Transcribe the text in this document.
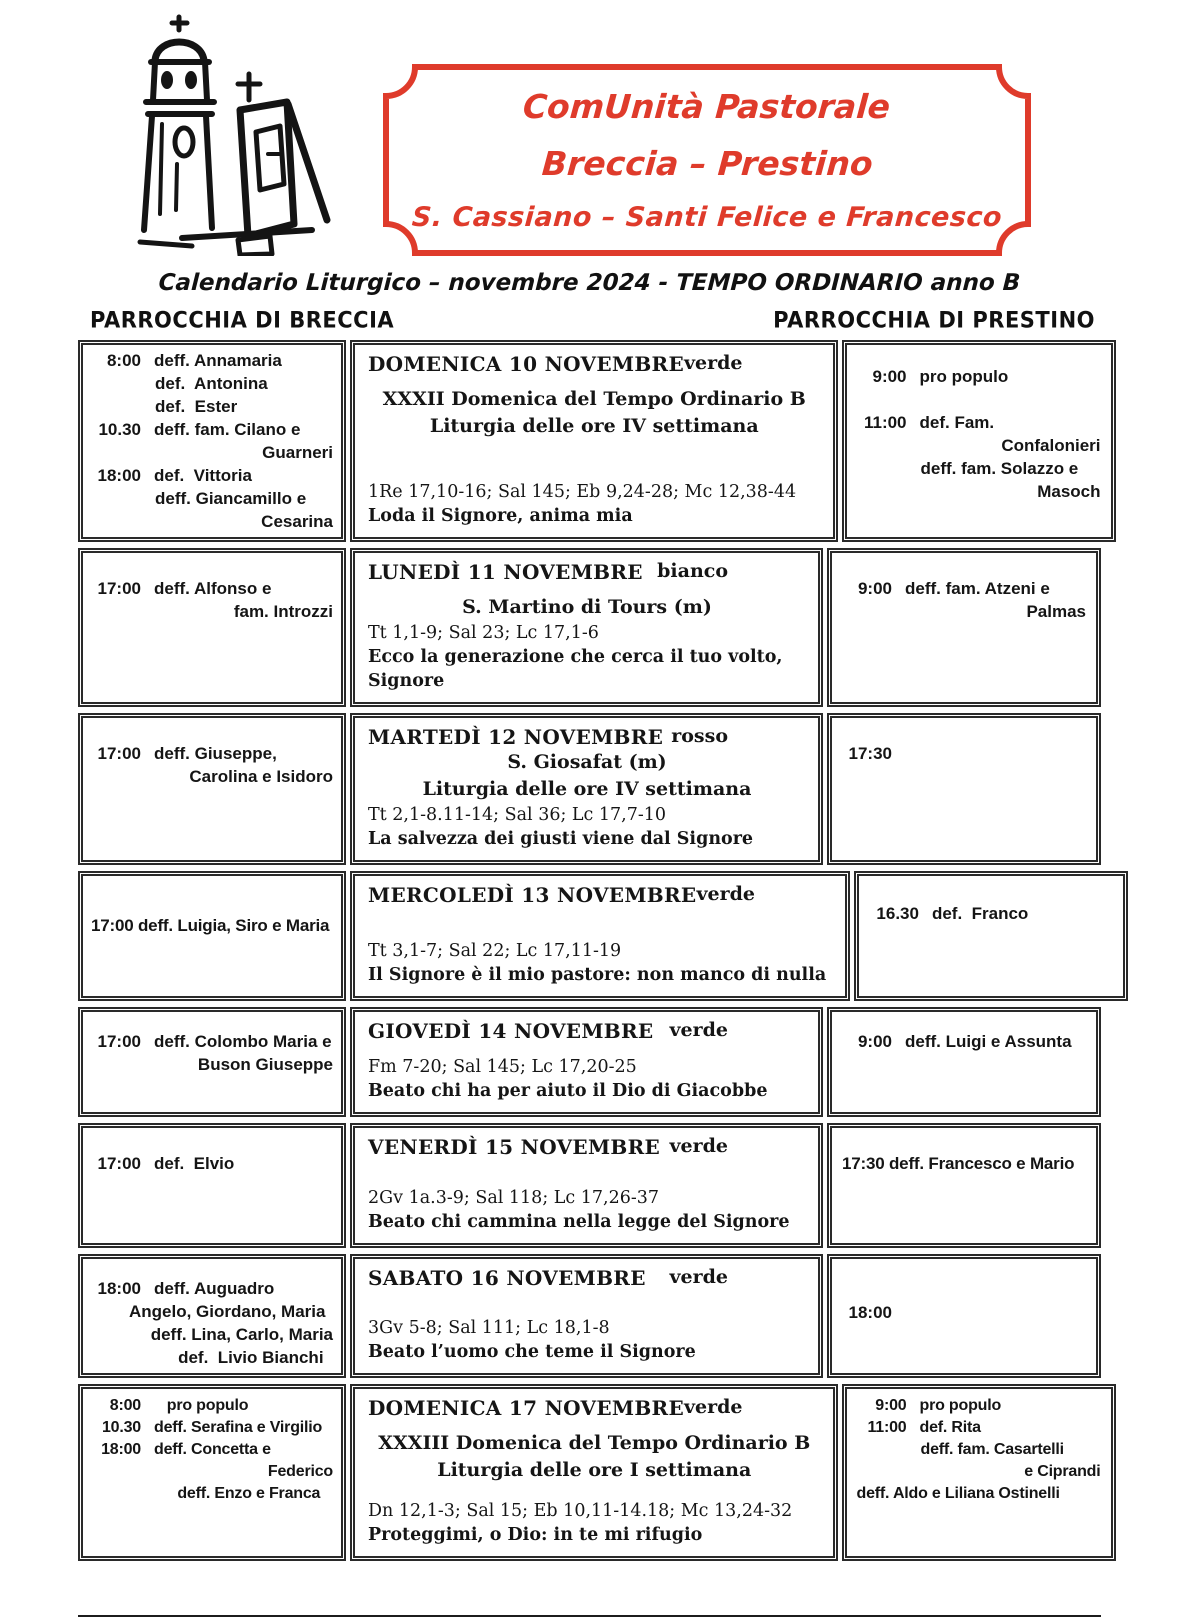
ComUnità Pastorale
Breccia – Prestino
S. Cassiano – Santi Felice e Francesco
Calendario Liturgico – novembre 2024 - TEMPO ORDINARIO anno B
PARROCCHIA DI BRECCIA	PARROCCHIA DI PRESTINO
8:00 deff. Annamaria
def.  Antonina
def.  Ester
10.30 deff. fam. Cilano e
Guarneri
18:00 def.  Vittoria
deff. Giancamillo e
Cesarina
DOMENICA 10 NOVEMBRE verde
XXXII Domenica del Tempo Ordinario B
Liturgia delle ore IV settimana
1Re 17,10-16; Sal 145; Eb 9,24-28; Mc 12,38-44
Loda il Signore, anima mia
9:00 pro populo
11:00 def. Fam.
Confalonieri
deff. fam. Solazzo e
Masoch
17:00 deff. Alfonso e
fam. Introzzi
LUNEDÌ 11 NOVEMBRE bianco
S. Martino di Tours (m)
Tt 1,1-9; Sal 23; Lc 17,1-6
Ecco la generazione che cerca il tuo volto, Signore
9:00 deff. fam. Atzeni e
Palmas
17:00 deff. Giuseppe,
Carolina e Isidoro
MARTEDÌ 12 NOVEMBRE rosso
S. Giosafat (m)
Liturgia delle ore IV settimana
Tt 2,1-8.11-14; Sal 36; Lc 17,7-10
La salvezza dei giusti viene dal Signore
17:30
17:00 deff. Luigia, Siro e Maria
MERCOLEDÌ 13 NOVEMBRE verde
Tt 3,1-7; Sal 22; Lc 17,11-19
Il Signore è il mio pastore: non manco di nulla
16.30 def.  Franco
17:00 deff. Colombo Maria e
Buson Giuseppe
GIOVEDÌ 14 NOVEMBRE verde
Fm 7-20; Sal 145; Lc 17,20-25
Beato chi ha per aiuto il Dio di Giacobbe
9:00 deff. Luigi e Assunta
17:00 def.  Elvio
VENERDÌ 15 NOVEMBRE verde
2Gv 1a.3-9; Sal 118; Lc 17,26-37
Beato chi cammina nella legge del Signore
17:30 deff. Francesco e Mario
18:00 deff. Auguadro
Angelo, Giordano, Maria
deff. Lina, Carlo, Maria
def.  Livio Bianchi
SABATO 16 NOVEMBRE verde
3Gv 5-8; Sal 111; Lc 18,1-8
Beato l’uomo che teme il Signore
18:00
8:00 pro populo
10.30 deff. Serafina e Virgilio
18:00 deff. Concetta e
Federico
deff. Enzo e Franca
DOMENICA 17 NOVEMBRE verde
XXXIII Domenica del Tempo Ordinario B
Liturgia delle ore I settimana
Dn 12,1-3; Sal 15; Eb 10,11-14.18; Mc 13,24-32
Proteggimi, o Dio: in te mi rifugio
9:00 pro populo
11:00 def. Rita
deff. fam. Casartelli
e Ciprandi
deff. Aldo e Liliana Ostinelli
